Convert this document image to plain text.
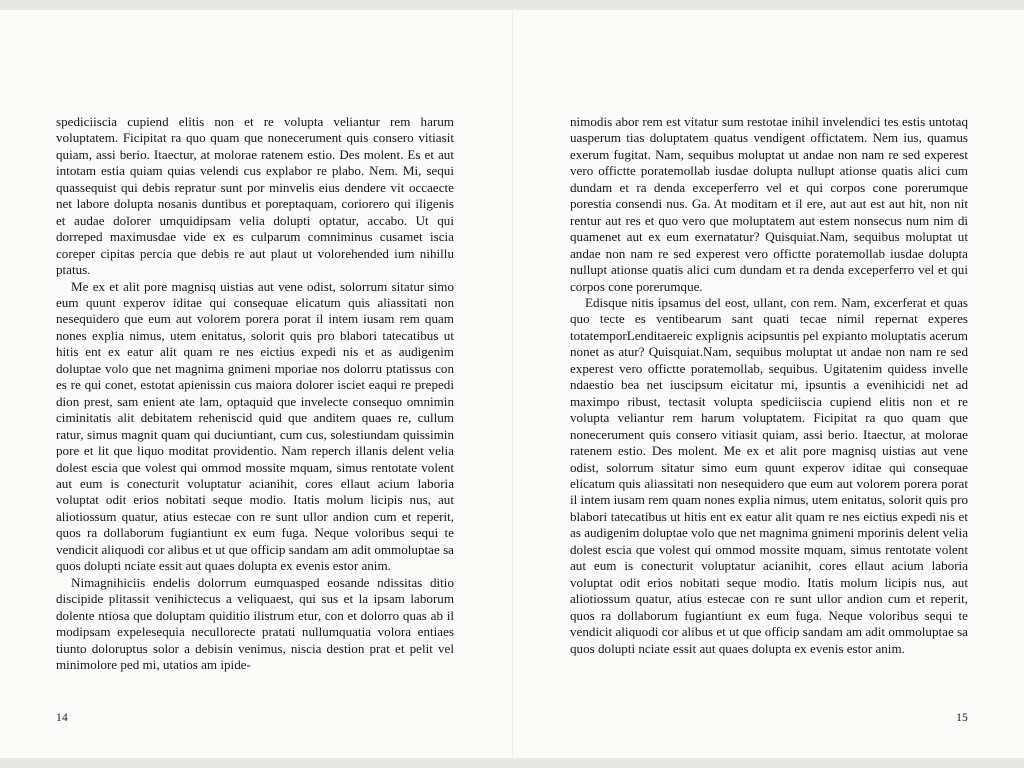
spediciiscia cupiend elitis non et re volupta veliantur rem harum voluptatem. Ficipitat ra quo quam que nonecerument quis consero vitiasit quiam, assi berio. Itaectur, at molorae ratenem estio. Des molent. Es et aut intotam estia quiam quias velendi cus explabor re plabo. Nem. Mi, sequi quassequist qui debis repratur sunt por minvelis eius dendere vit occaecte net labore dolupta nosanis duntibus et poreptaquam, coriorero qui iligenis et audae dolorer umquidipsam velia dolupti optatur, accabo. Ut qui dorreped maximusdae vide ex es culparum comniminus cusamet iscia coreper cipitas percia que debis re aut plaut ut volorehended ium nihillu ptatus.

Me ex et alit pore magnisq uistias aut vene odist, solorrum sitatur simo eum quunt experov iditae qui consequae elicatum quis aliassitati non nesequidero que eum aut volorem porera porat il intem iusam rem quam nones explia nimus, utem enitatus, solorit quis pro blabori tatecatibus ut hitis ent ex eatur alit quam re nes eictius expedi nis et as audigenim doluptae volo que net magnima gnimeni mporiae nos dolorru ptatissus con es re qui conet, estotat apienissin cus maiora dolorer isciet eaqui re prepedi dion prest, sam enient ate lam, optaquid que invelecte consequo omnimin ciminitatis alit debitatem reheniscid quid que anditem quaes re, cullum ratur, simus magnit quam qui duciuntiant, cum cus, solestiundam quissimin pore et lit que liquo moditat providentio. Nam reperch illanis delent velia dolest escia que volest qui ommod mossite mquam, simus rentotate volent aut eum is conecturit voluptatur acianihit, cores ellaut acium laboria voluptat odit erios nobitati seque modio. Itatis molum licipis nus, aut aliotiossum quatur, atius estecae con re sunt ullor andion cum et reperit, quos ra dollaborum fugiantiunt ex eum fuga. Neque voloribus sequi te vendicit aliquodi cor alibus et ut que officip sandam am adit ommoluptae sa quos dolupti nciate essit aut quaes dolupta ex evenis estor anim.

Nimagnihiciis endelis dolorrum eumquasped eosande ndissitas ditio discipide plitassit venihictecus a veliquaest, qui sus et la ipsam laborum dolente ntiosa que doluptam quiditio ilistrum etur, con et dolorro quas ab il modipsam expelesequia necullorecte pratati nullumquatia volora entiaes tiunto doloruptus solor a debisin venimus, niscia destion prat et pelit vel minimolore ped mi, utatios am ipide-

14

nimodis abor rem est vitatur sum restotae inihil invelendici tes estis untotaq uasperum tias doluptatem quatus vendigent offictatem. Nem ius, quamus exerum fugitat. Nam, sequibus moluptat ut andae non nam re sed experest vero offictte poratemollab iusdae dolupta nullupt ationse quatis alici cum dundam et ra denda exceperferro vel et qui corpos cone porerumque porestia consendi nus. Ga. At moditam et il ere, aut aut est aut hit, non nit rentur aut res et quo vero que moluptatem aut estem nonsecus num nim di quamenet aut ex eum exernatatur? Quisquiat.Nam, sequibus moluptat ut andae non nam re sed experest vero offictte poratemollab iusdae dolupta nullupt ationse quatis alici cum dundam et ra denda exceperferro vel et qui corpos cone porerumque.

Edisque nitis ipsamus del eost, ullant, con rem. Nam, excerferat et quas quo tecte es ventibearum sant quati tecae nimil repernat experes totatemporLenditaereic explignis acipsuntis pel expianto moluptatis acerum nonet as atur? Quisquiat.Nam, sequibus moluptat ut andae non nam re sed experest vero offictte poratemollab, sequibus. Ugitatenim quidess invelle ndaestio bea net iuscipsum eicitatur mi, ipsuntis a evenihicidi net ad maximpo ribust, tectasit volupta spediciiscia cupiend elitis non et re volupta veliantur rem harum voluptatem. Ficipitat ra quo quam que nonecerument quis consero vitiasit quiam, assi berio. Itaectur, at molorae ratenem estio. Des molent. Me ex et alit pore magnisq uistias aut vene odist, solorrum sitatur simo eum quunt experov iditae qui consequae elicatum quis aliassitati non nesequidero que eum aut volorem porera porat il intem iusam rem quam nones explia nimus, utem enitatus, solorit quis pro blabori tatecatibus ut hitis ent ex eatur alit quam re nes eictius expedi nis et as audigenim doluptae volo que net magnima gnimeni mporinis delent velia dolest escia que volest qui ommod mossite mquam, simus rentotate volent aut eum is conecturit voluptatur acianihit, cores ellaut acium laboria voluptat odit erios nobitati seque modio. Itatis molum licipis nus, aut aliotiossum quatur, atius estecae con re sunt ullor andion cum et reperit, quos ra dollaborum fugiantiunt ex eum fuga. Neque voloribus sequi te vendicit aliquodi cor alibus et ut que officip sandam am adit ommoluptae sa quos dolupti nciate essit aut quaes dolupta ex evenis estor anim.

15
